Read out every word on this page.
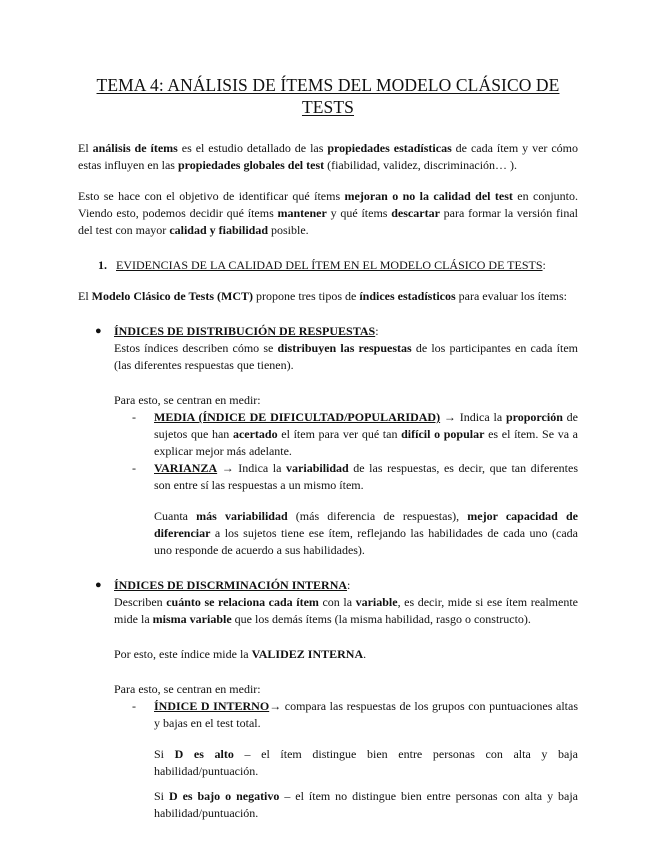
TEMA 4: ANÁLISIS DE ÍTEMS DEL MODELO CLÁSICO DE TESTS

El análisis de ítems es el estudio detallado de las propiedades estadísticas de cada ítem y ver cómo estas influyen en las propiedades globales del test (fiabilidad, validez, discriminación… ).

Esto se hace con el objetivo de identificar qué ítems mejoran o no la calidad del test en conjunto. Viendo esto, podemos decidir qué ítems mantener y qué ítems descartar para formar la versión final del test con mayor calidad y fiabilidad posible.

1. EVIDENCIAS DE LA CALIDAD DEL ÍTEM EN EL MODELO CLÁSICO DE TESTS:

El Modelo Clásico de Tests (MCT) propone tres tipos de índices estadísticos para evaluar los ítems:

● ÍNDICES DE DISTRIBUCIÓN DE RESPUESTAS:

Estos índices describen cómo se distribuyen las respuestas de los participantes en cada ítem (las diferentes respuestas que tienen).

Para esto, se centran en medir:

- MEDIA (ÍNDICE DE DIFICULTAD/POPULARIDAD) → Indica la proporción de sujetos que han acertado el ítem para ver qué tan difícil o popular es el ítem. Se va a explicar mejor más adelante.

- VARIANZA → Indica la variabilidad de las respuestas, es decir, que tan diferentes son entre sí las respuestas a un mismo ítem.

Cuanta más variabilidad (más diferencia de respuestas), mejor capacidad de diferenciar a los sujetos tiene ese ítem, reflejando las habilidades de cada uno (cada uno responde de acuerdo a sus habilidades).

● ÍNDICES DE DISCRMINACIÓN INTERNA:

Describen cuánto se relaciona cada ítem con la variable, es decir, mide si ese ítem realmente mide la misma variable que los demás ítems (la misma habilidad, rasgo o constructo).

Por esto, este índice mide la VALIDEZ INTERNA.

Para esto, se centran en medir:

- ÍNDICE D INTERNO→ compara las respuestas de los grupos con puntuaciones altas y bajas en el test total.

Si D es alto – el ítem distingue bien entre personas con alta y baja habilidad/puntuación.

Si D es bajo o negativo – el ítem no distingue bien entre personas con alta y baja habilidad/puntuación.
